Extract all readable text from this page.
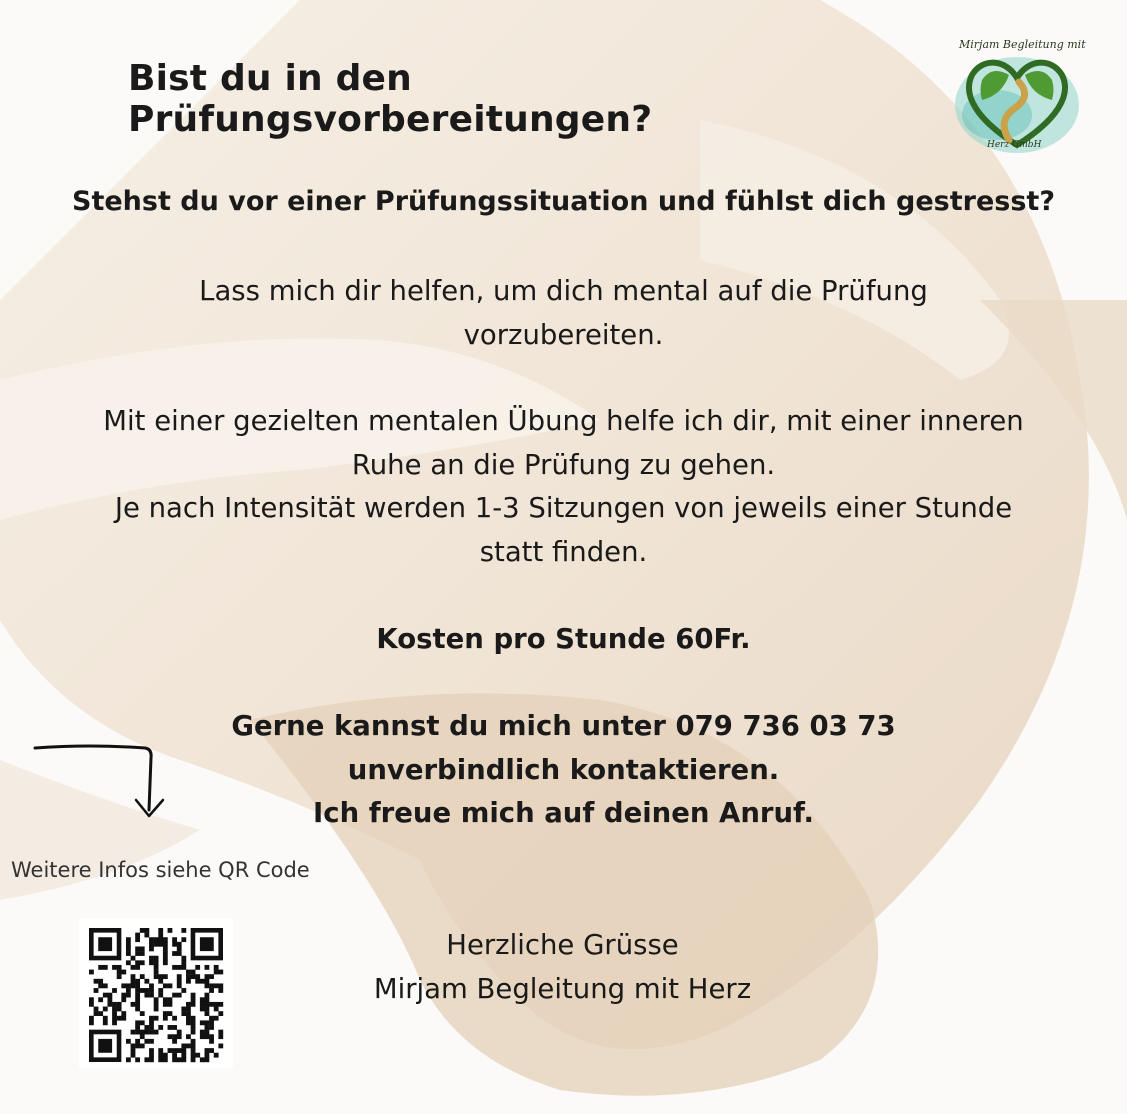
Bist du in den Prüfungsvorbereitungen?
Mirjam Begleitung mit
Herz GmbH
Stehst du vor einer Prüfungssituation und fühlst dich gestresst?
Lass mich dir helfen, um dich mental auf die Prüfung
vorzubereiten.
Mit einer gezielten mentalen Übung helfe ich dir, mit einer inneren
Ruhe an die Prüfung zu gehen.
Je nach Intensität werden 1-3 Sitzungen von jeweils einer Stunde
statt finden.
Kosten pro Stunde 60Fr.
Gerne kannst du mich unter 079 736 03 73
unverbindlich kontaktieren.
Ich freue mich auf deinen Anruf.
Weitere Infos siehe QR Code
Herzliche Grüsse
Mirjam Begleitung mit Herz
